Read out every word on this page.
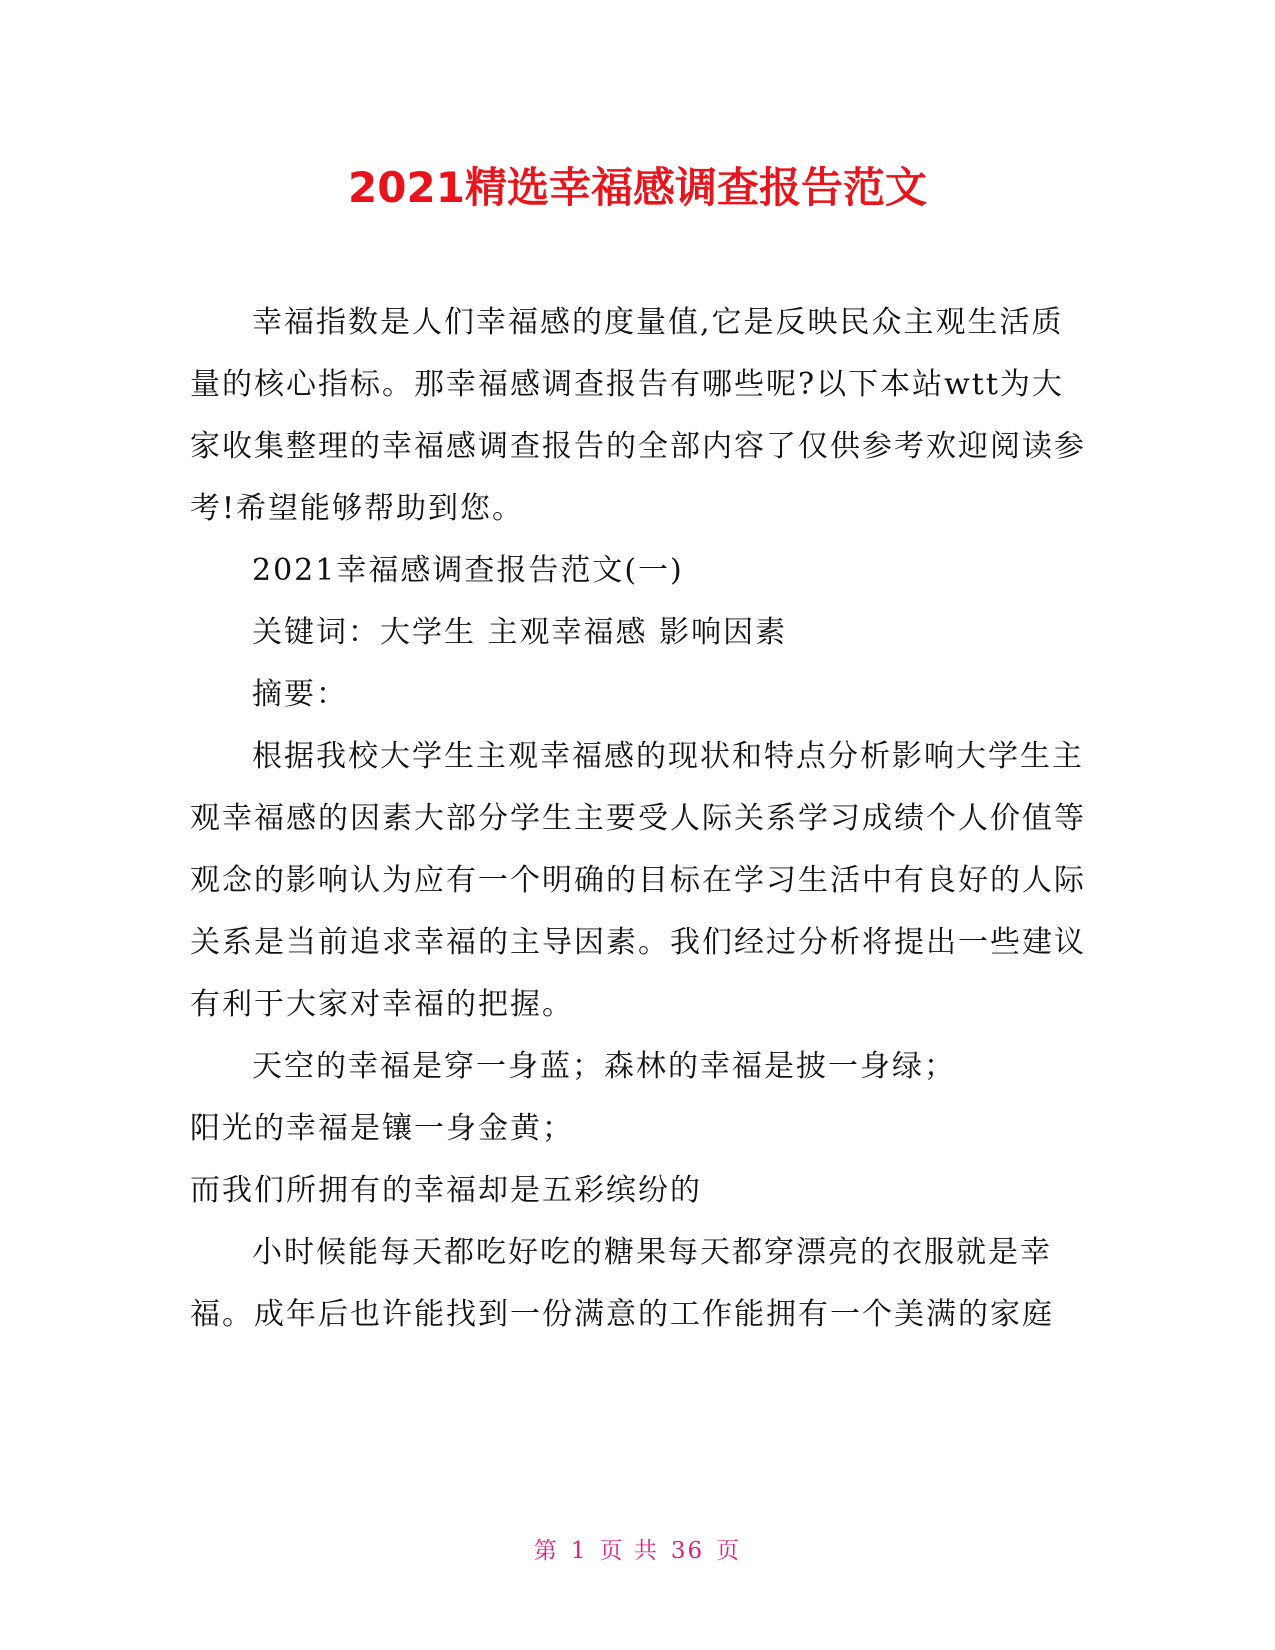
2021精选幸福感调查报告范文

幸福指数是人们幸福感的度量值,它是反映民众主观生活质量的核心指标。那幸福感调查报告有哪些呢?以下本站wtt为大家收集整理的幸福感调查报告的全部内容了仅供参考欢迎阅读参考!希望能够帮助到您。

2021幸福感调查报告范文(一)

关键词：大学生 主观幸福感 影响因素

摘要：

根据我校大学生主观幸福感的现状和特点分析影响大学生主观幸福感的因素大部分学生主要受人际关系学习成绩个人价值等观念的影响认为应有一个明确的目标在学习生活中有良好的人际关系是当前追求幸福的主导因素。我们经过分析将提出一些建议有利于大家对幸福的把握。

天空的幸福是穿一身蓝；森林的幸福是披一身绿；

阳光的幸福是镶一身金黄；

而我们所拥有的幸福却是五彩缤纷的

小时候能每天都吃好吃的糖果每天都穿漂亮的衣服就是幸福。成年后也许能找到一份满意的工作能拥有一个美满的家庭

第 1 页 共 36 页
